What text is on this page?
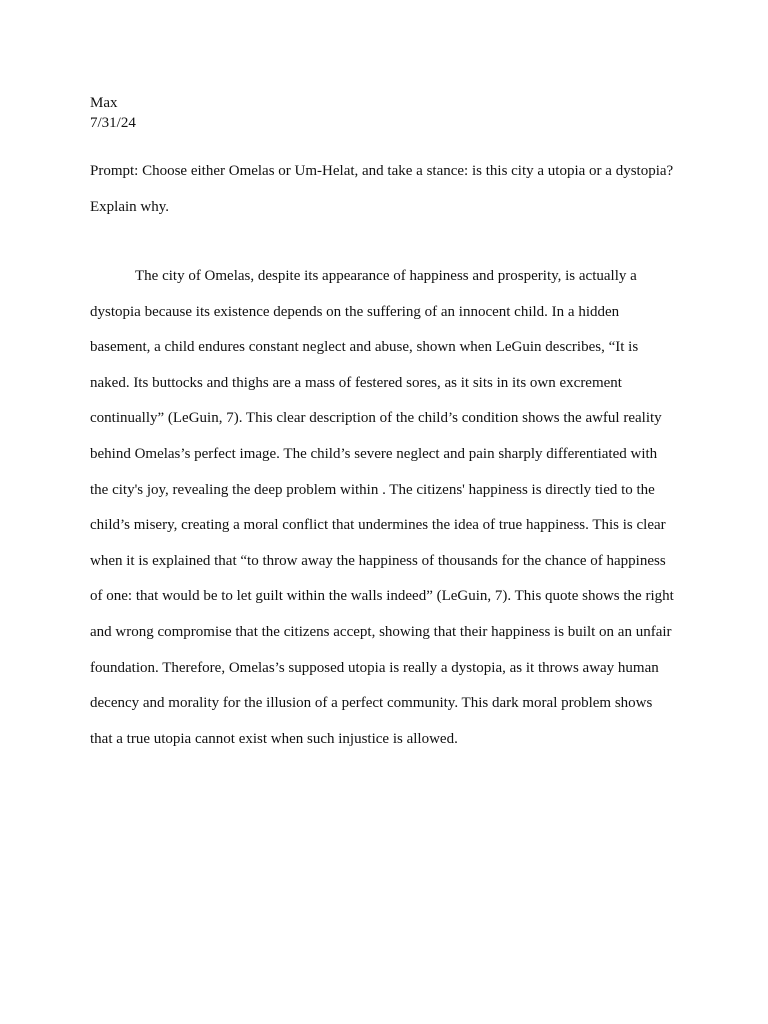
Max
7/31/24
Prompt: Choose either Omelas or Um-Helat, and take a stance: is this city a utopia or a dystopia?
Explain why.
The city of Omelas, despite its appearance of happiness and prosperity, is actually a
dystopia because its existence depends on the suffering of an innocent child. In a hidden
basement, a child endures constant neglect and abuse, shown when LeGuin describes, “It is
naked. Its buttocks and thighs are a mass of festered sores, as it sits in its own excrement
continually” (LeGuin, 7). This clear description of the child’s condition shows the awful reality
behind Omelas’s perfect image. The child’s severe neglect and pain sharply differentiated with
the city's joy, revealing the deep problem within . The citizens' happiness is directly tied to the
child’s misery, creating a moral conflict that undermines the idea of true happiness. This is clear
when it is explained that “to throw away the happiness of thousands for the chance of happiness
of one: that would be to let guilt within the walls indeed” (LeGuin, 7). This quote shows the right
and wrong compromise that the citizens accept, showing that their happiness is built on an unfair
foundation. Therefore, Omelas’s supposed utopia is really a dystopia, as it throws away human
decency and morality for the illusion of a perfect community. This dark moral problem shows
that a true utopia cannot exist when such injustice is allowed.
